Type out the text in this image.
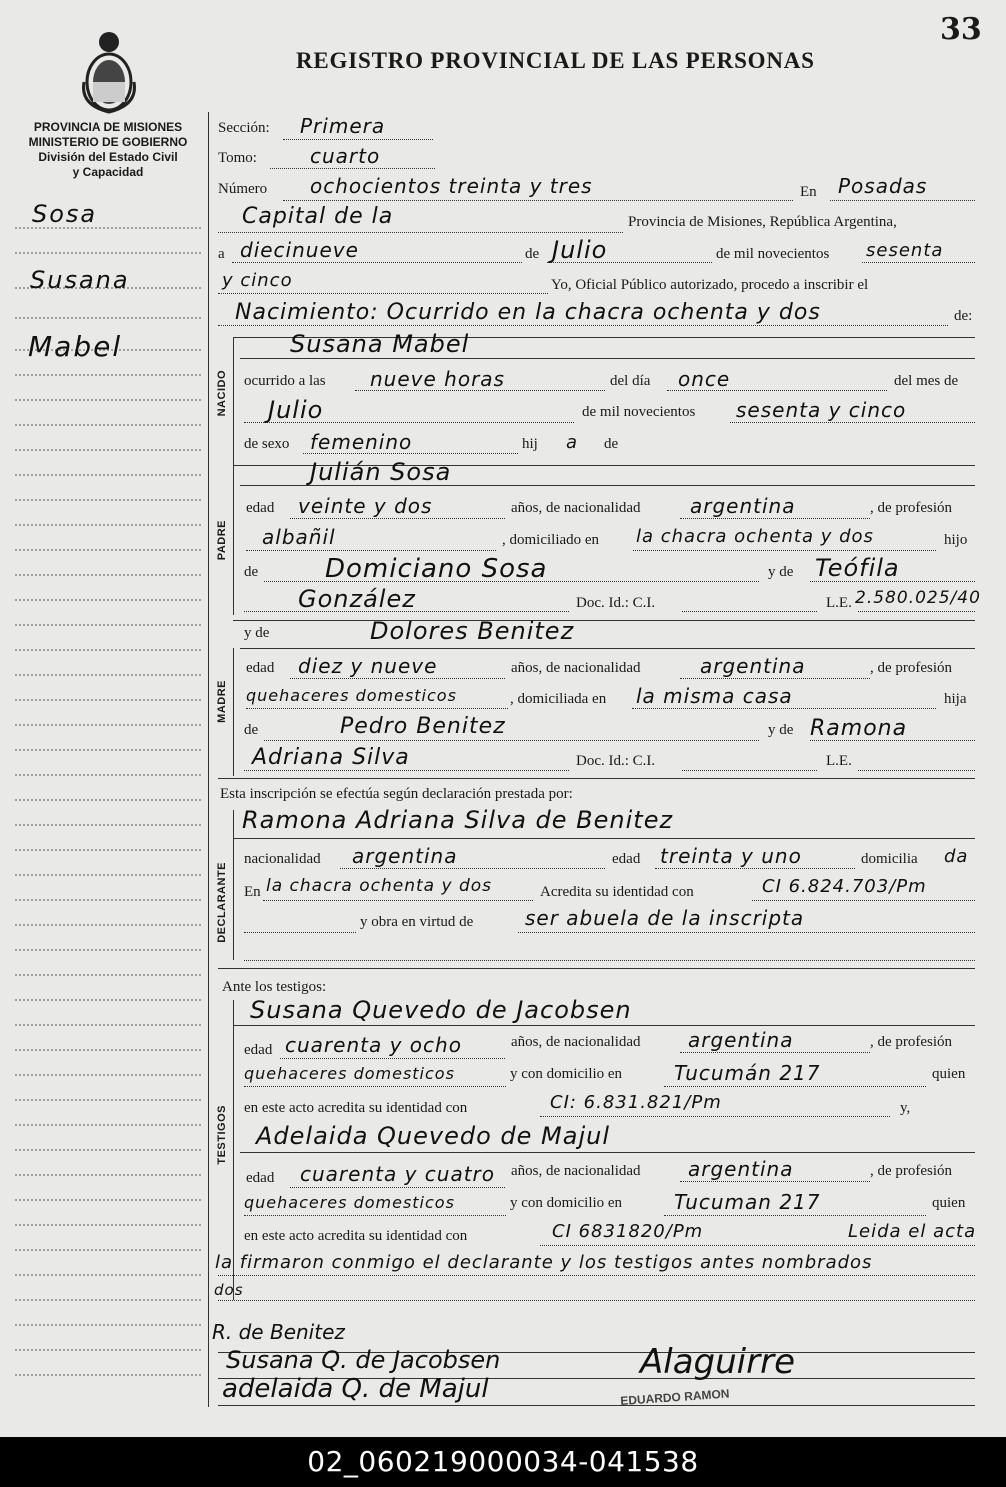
33
REGISTRO PROVINCIAL DE LAS PERSONAS
PROVINCIA DE MISIONES
MINISTERIO DE GOBIERNO
División del Estado Civil
y Capacidad
Sosa
Susana
Mabel
Sección: Primera
Tomo:	cuarto
Número ochocientos treinta y tres	En Posadas
Capital de la	Provincia de Misiones, República Argentina,
a diecinueve	de Julio	de mil novecientos sesenta
y cinco	Yo, Oficial Público autorizado, procedo a inscribir el
Nacimiento: Ocurrido en la chacra ochenta y dos	de:
NACIDO
Susana Mabel
ocurrido a las nueve horas	del día once	del mes de
Julio	de mil novecientos sesenta y cinco
de sexo femenino	hij a de
PADRE
Julián Sosa
edad veinte y dos	años, de nacionalidad argentina	, de profesión
albañil	, domiciliado en la chacra ochenta y dos	hijo
de	Domiciano Sosa	y de Teófila
González	Doc. Id.: C.I.	L.E. 2.580.025/40
y de	Dolores Benitez
MADRE
edad diez y nueve	años, de nacionalidad	argentina	, de profesión
quehaceres domesticos	, domiciliada en la misma casa	hija
de	Pedro Benitez	y de Ramona
Adriana Silva	Doc. Id.: C.I.	L.E.
Esta inscripción se efectúa según declaración prestada por:
Ramona Adriana Silva de Benitez
DECLARANTE
nacionalidad argentina	edad treinta y uno	domicilia da
En la chacra ochenta y dos	Acredita su identidad con	CI 6.824.703/Pm
y obra en virtud de	ser abuela de la inscripta
Ante los testigos:
Susana Quevedo de Jacobsen
TESTIGOS
edad cuarenta y ocho	años, de nacionalidad argentina	, de profesión
quehaceres domesticos	y con domicilio en	Tucumán 217	quien
en este acto acredita su identidad con	CI: 6.831.821/Pm	y,
Adelaida Quevedo de Majul
edad cuarenta y cuatro años, de nacionalidad argentina	, de profesión
quehaceres domesticos	y con domicilio en	Tucuman 217	quien
en este acto acredita su identidad con	CI 6831820/Pm	Leida el acta
la firmaron conmigo el declarante y los testigos antes nombrados
dos
R. de Benitez
Susana Q. de Jacobsen
adelaida Q. de Majul
Alaguirre
EDUARDO RAMON
02_060219000034-041538
